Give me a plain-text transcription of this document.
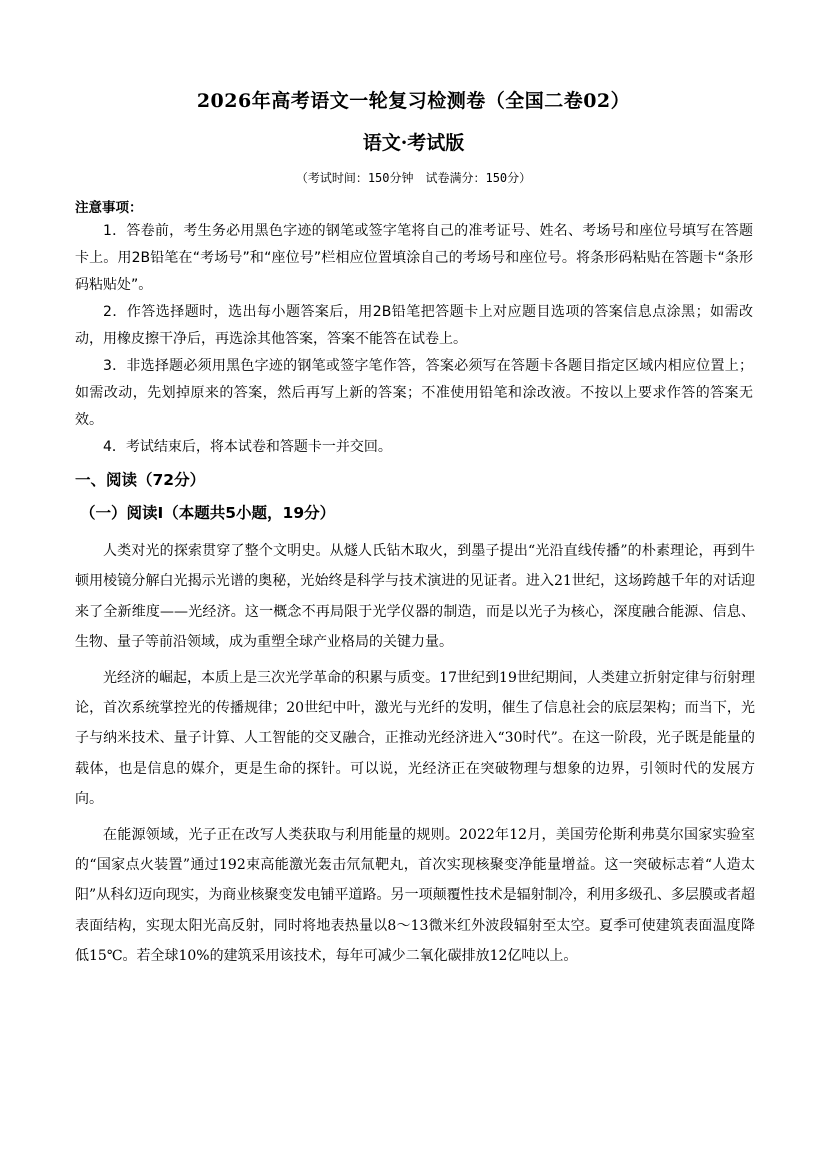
2026年高考语文一轮复习检测卷（全国二卷02）
语文·考试版
（考试时间：150分钟　试卷满分：150分）
注意事项：

1．答卷前，考生务必用黑色字迹的钢笔或签字笔将自己的准考证号、姓名、考场号和座位号填写在答题卡上。用2B铅笔在“考场号”和“座位号”栏相应位置填涂自己的考场号和座位号。将条形码粘贴在答题卡“条形码粘贴处”。

2．作答选择题时，选出每小题答案后，用2B铅笔把答题卡上对应题目选项的答案信息点涂黑；如需改动，用橡皮擦干净后，再选涂其他答案，答案不能答在试卷上。

3．非选择题必须用黑色字迹的钢笔或签字笔作答，答案必须写在答题卡各题目指定区域内相应位置上；如需改动，先划掉原来的答案，然后再写上新的答案；不准使用铅笔和涂改液。不按以上要求作答的答案无效。

4．考试结束后，将本试卷和答题卡一并交回。

一、阅读（72分）
（一）阅读Ⅰ（本题共5小题，19分）

人类对光的探索贯穿了整个文明史。从燧人氏钻木取火，到墨子提出“光沿直线传播”的朴素理论，再到牛顿用棱镜分解白光揭示光谱的奥秘，光始终是科学与技术演进的见证者。进入21世纪，这场跨越千年的对话迎来了全新维度——光经济。这一概念不再局限于光学仪器的制造，而是以光子为核心，深度融合能源、信息、生物、量子等前沿领域，成为重塑全球产业格局的关键力量。

光经济的崛起，本质上是三次光学革命的积累与质变。17世纪到19世纪期间，人类建立折射定律与衍射理论，首次系统掌控光的传播规律；20世纪中叶，激光与光纤的发明，催生了信息社会的底层架构；而当下，光子与纳米技术、量子计算、人工智能的交叉融合，正推动光经济进入“30时代”。在这一阶段，光子既是能量的载体，也是信息的媒介，更是生命的探针。可以说，光经济正在突破物理与想象的边界，引领时代的发展方向。

在能源领域，光子正在改写人类获取与利用能量的规则。2022年12月，美国劳伦斯利弗莫尔国家实验室的“国家点火装置”通过192束高能激光轰击氘氚靶丸，首次实现核聚变净能量增益。这一突破标志着“人造太阳”从科幻迈向现实，为商业核聚变发电铺平道路。另一项颠覆性技术是辐射制冷，利用多级孔、多层膜或者超表面结构，实现太阳光高反射，同时将地表热量以8～13微米红外波段辐射至太空。夏季可使建筑表面温度降低15℃。若全球10%的建筑采用该技术，每年可减少二氧化碳排放12亿吨以上。
